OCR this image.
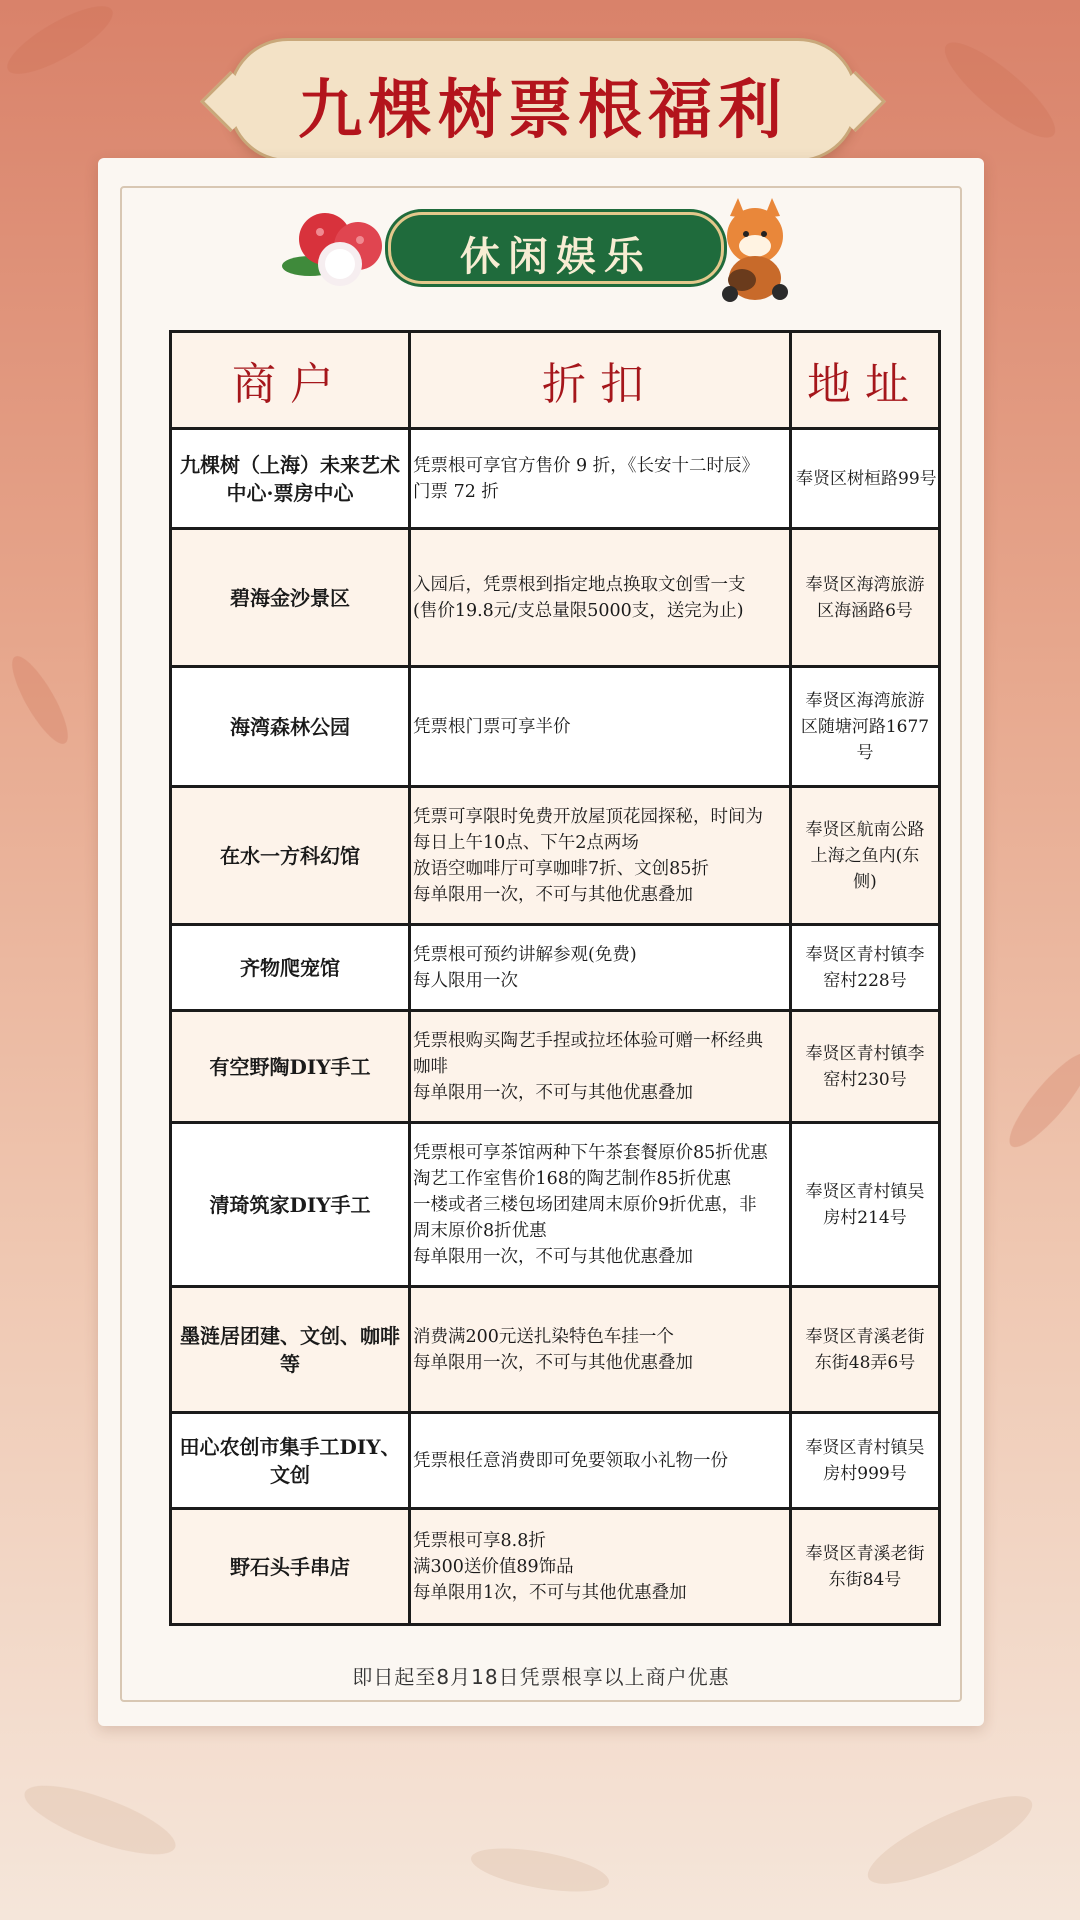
九棵树票根福利
休闲娱乐
商户	折扣	地址

九棵树（上海）未来艺术
中心·票房中心	凭票根可享官方售价 9 折，《长安十二时辰》
门票 72 折	奉贤区树桓路99号

碧海金沙景区	入园后，凭票根到指定地点换取文创雪一支
(售价19.8元/支总量限5000支，送完为止)	奉贤区海湾旅游
区海涵路6号

海湾森林公园	凭票根门票可享半价	奉贤区海湾旅游
区随塘河路1677
号

在水一方科幻馆	凭票可享限时免费开放屋顶花园探秘，时间为
每日上午10点、下午2点两场
放语空咖啡厅可享咖啡7折、文创85折
每单限用一次，不可与其他优惠叠加	奉贤区航南公路
上海之鱼内(东
侧)

齐物爬宠馆	凭票根可预约讲解参观(免费)
每人限用一次	奉贤区青村镇李
窑村228号

有空野陶DIY手工	凭票根购买陶艺手捏或拉坯体验可赠一杯经典
咖啡
每单限用一次，不可与其他优惠叠加	奉贤区青村镇李
窑村230号

清琦筑家DIY手工	凭票根可享茶馆两种下午茶套餐原价85折优惠
淘艺工作室售价168的陶艺制作85折优惠
一楼或者三楼包场团建周末原价9折优惠，非
周末原价8折优惠
每单限用一次，不可与其他优惠叠加	奉贤区青村镇吴
房村214号

墨涟居团建、文创、咖啡
等	消费满200元送扎染特色车挂一个
每单限用一次，不可与其他优惠叠加	奉贤区青溪老街
东街48弄6号

田心农创市集手工DIY、
文创	凭票根任意消费即可免要领取小礼物一份	奉贤区青村镇吴
房村999号

野石头手串店	凭票根可享8.8折
满300送价值89饰品
每单限用1次，不可与其他优惠叠加	奉贤区青溪老街
东街84号
即日起至8月18日凭票根享以上商户优惠
